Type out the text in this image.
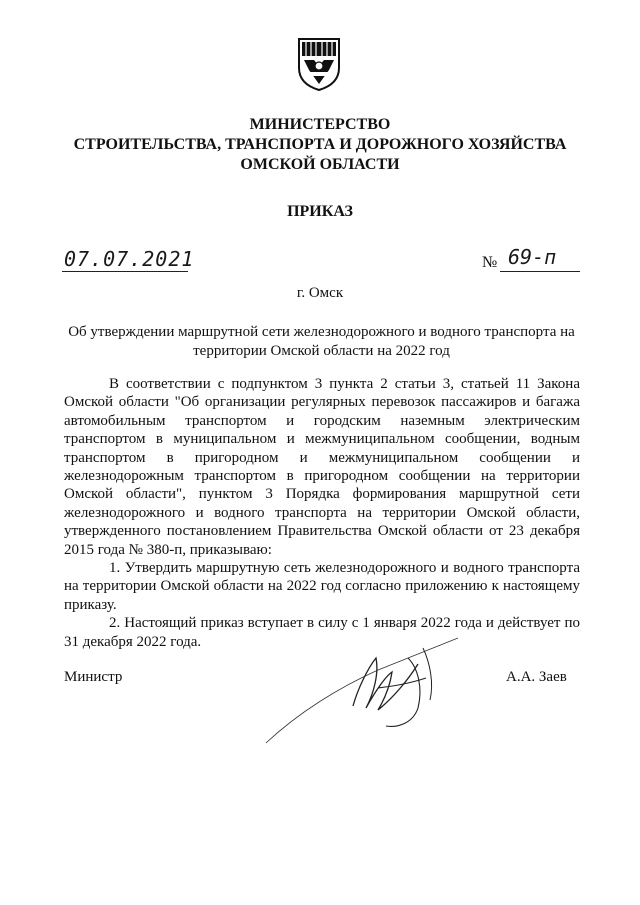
МИНИСТЕРСТВО
СТРОИТЕЛЬСТВА, ТРАНСПОРТА И ДОРОЖНОГО ХОЗЯЙСТВА
ОМСКОЙ ОБЛАСТИ
ПРИКАЗ
07.07.2021	№ 69-п
г. Омск
Об утверждении маршрутной сети железнодорожного и водного транспорта на территории Омской области на 2022 год

В соответствии с подпунктом 3 пункта 2 статьи 3, статьей 11 Закона Омской области "Об организации регулярных перевозок пассажиров и багажа автомобильным транспортом и городским наземным электрическим транспортом в муниципальном и межмуниципальном сообщении, водным транспортом в пригородном и межмуниципальном сообщении и железнодорожным транспортом в пригородном сообщении на территории Омской области", пунктом 3 Порядка формирования маршрутной сети железнодорожного и водного транспорта на территории Омской области, утвержденного постановлением Правительства Омской области от 23 декабря 2015 года № 380-п, приказываю:

1. Утвердить маршрутную сеть железнодорожного и водного транспорта на территории Омской области на 2022 год согласно приложению к настоящему приказу.

2. Настоящий приказ вступает в силу с 1 января 2022 года и действует по 31 декабря 2022 года.

Министр	А.А. Заев
